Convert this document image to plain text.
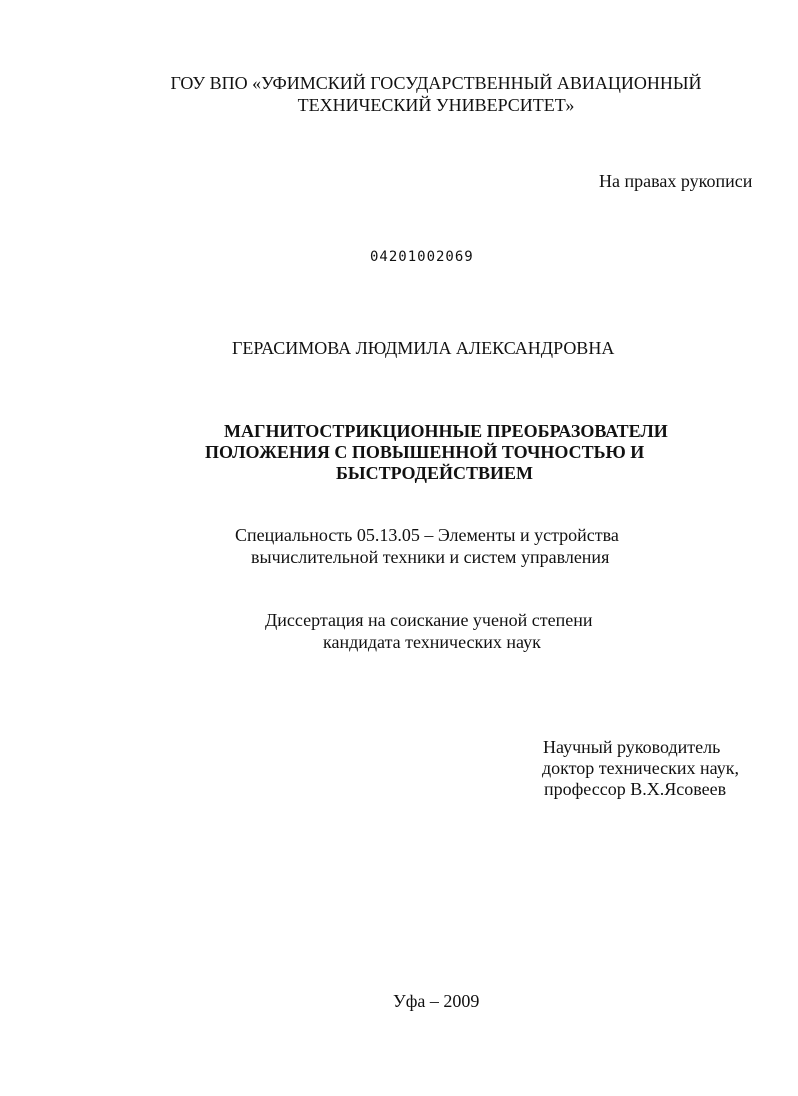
ГОУ ВПО «УФИМСКИЙ ГОСУДАРСТВЕННЫЙ АВИАЦИОННЫЙ
ТЕХНИЧЕСКИЙ УНИВЕРСИТЕТ»
На правах рукописи
04201002069
ГЕРАСИМОВА ЛЮДМИЛА АЛЕКСАНДРОВНА
МАГНИТОСТРИКЦИОННЫЕ ПРЕОБРАЗОВАТЕЛИ
ПОЛОЖЕНИЯ С ПОВЫШЕННОЙ ТОЧНОСТЬЮ И
БЫСТРОДЕЙСТВИЕМ
Специальность 05.13.05 – Элементы и устройства
вычислительной техники и систем управления
Диссертация на соискание ученой степени
кандидата технических наук
Научный руководитель
доктор технических наук,
профессор В.Х.Ясовеев
Уфа – 2009
